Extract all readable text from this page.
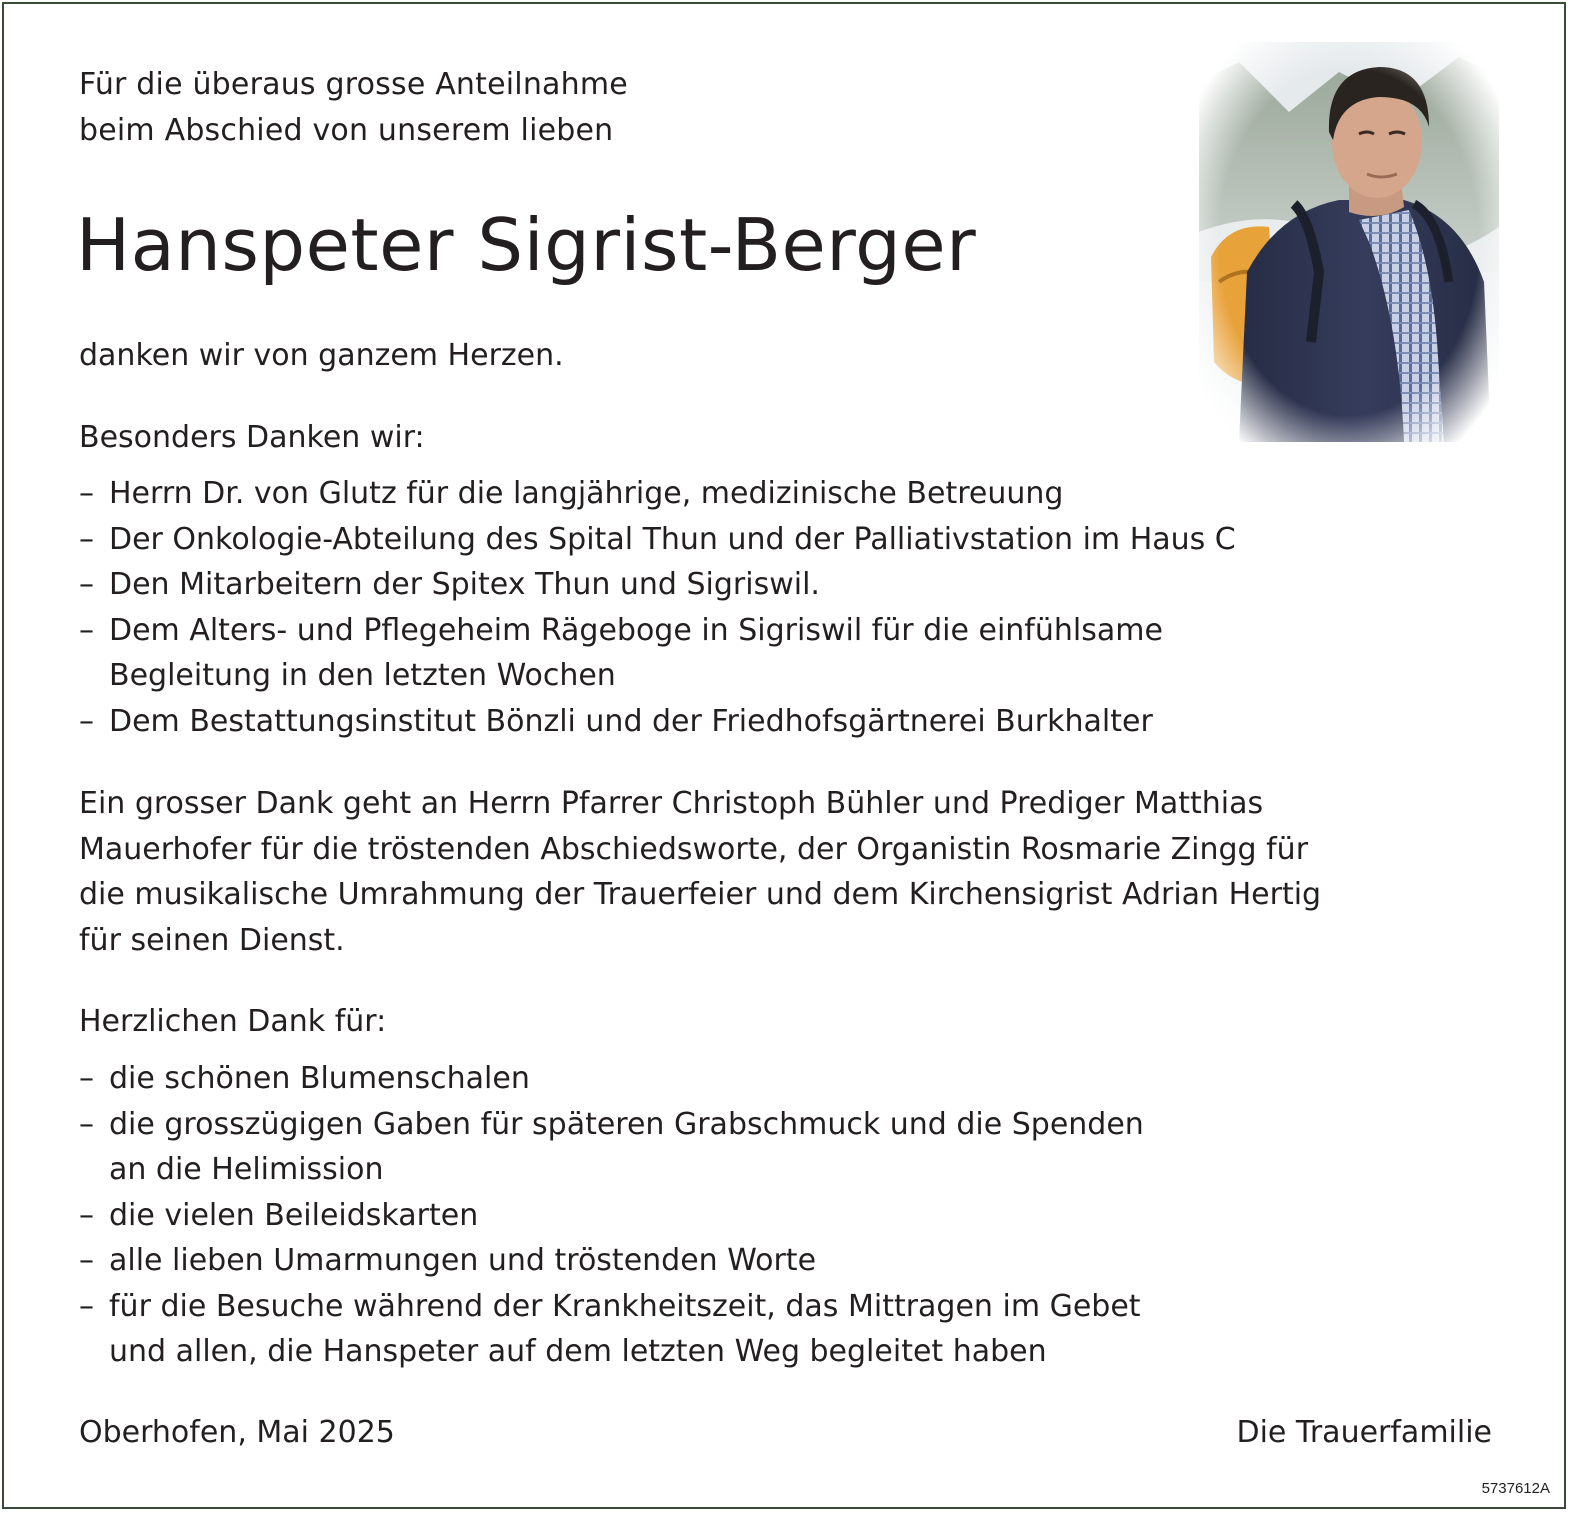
Für die überaus grosse Anteilnahme
beim Abschied von unserem lieben
Hanspeter Sigrist-Berger
danken wir von ganzem Herzen.
Besonders Danken wir:
– Herrn Dr. von Glutz für die langjährige, medizinische Betreuung
– Der Onkologie-Abteilung des Spital Thun und der Palliativstation im Haus C
– Den Mitarbeitern der Spitex Thun und Sigriswil.
– Dem Alters- und Pflegeheim Rägeboge in Sigriswil für die einfühlsame
Begleitung in den letzten Wochen
– Dem Bestattungsinstitut Bönzli und der Friedhofsgärtnerei Burkhalter
Ein grosser Dank geht an Herrn Pfarrer Christoph Bühler und Prediger Matthias
Mauerhofer für die tröstenden Abschiedsworte, der Organistin Rosmarie Zingg für
die musikalische Umrahmung der Trauerfeier und dem Kirchensigrist Adrian Hertig
für seinen Dienst.
Herzlichen Dank für:
– die schönen Blumenschalen
– die grosszügigen Gaben für späteren Grabschmuck und die Spenden
an die Helimission
– die vielen Beileidskarten
– alle lieben Umarmungen und tröstenden Worte
– für die Besuche während der Krankheitszeit, das Mittragen im Gebet
und allen, die Hanspeter auf dem letzten Weg begleitet haben
Oberhofen, Mai 2025	Die Trauerfamilie
5737612A
